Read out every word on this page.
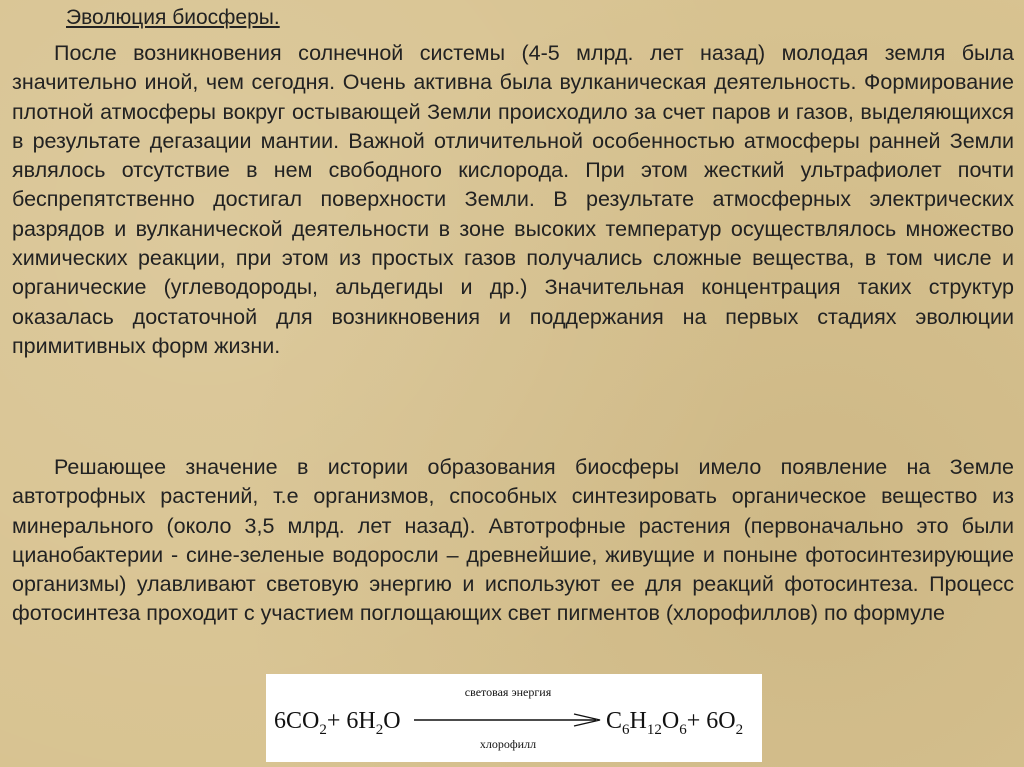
Эволюция биосферы.

После возникновения солнечной системы (4-5 млрд. лет назад) молодая земля была значительно иной, чем сегодня. Очень активна была вулканическая деятельность. Формирование плотной атмосферы вокруг остывающей Земли происходило за счет паров и газов, выделяющихся в результате дегазации мантии. Важной отличительной особенностью атмосферы ранней Земли являлось отсутствие в нем свободного кислорода. При этом жесткий ультрафиолет почти беспрепятственно достигал поверхности Земли. В результате атмосферных электрических разрядов и вулканической деятельности в зоне высоких температур осуществлялось множество химических реакции, при этом из простых газов получались сложные вещества, в том числе и органические (углеводороды, альдегиды и др.) Значительная концентрация таких структур оказалась достаточной для возникновения и поддержания на первых стадиях эволюции примитивных форм жизни.

Решающее значение в истории образования биосферы имело появление на Земле автотрофных растений, т.е организмов, способных синтезировать органическое вещество из минерального (около 3,5 млрд. лет назад). Автотрофные растения (первоначально это были цианобактерии - сине-зеленые водоросли – древнейшие, живущие и поныне фотосинтезирующие организмы) улавливают световую энергию и используют ее для реакций фотосинтеза. Процесс фотосинтеза проходит с участием поглощающих свет пигментов (хлорофиллов) по формуле

$6CO_2+ 6H_2O$
световая энергия
хлорофилл
$C_6H_{12}O_6+ 6O_2$
